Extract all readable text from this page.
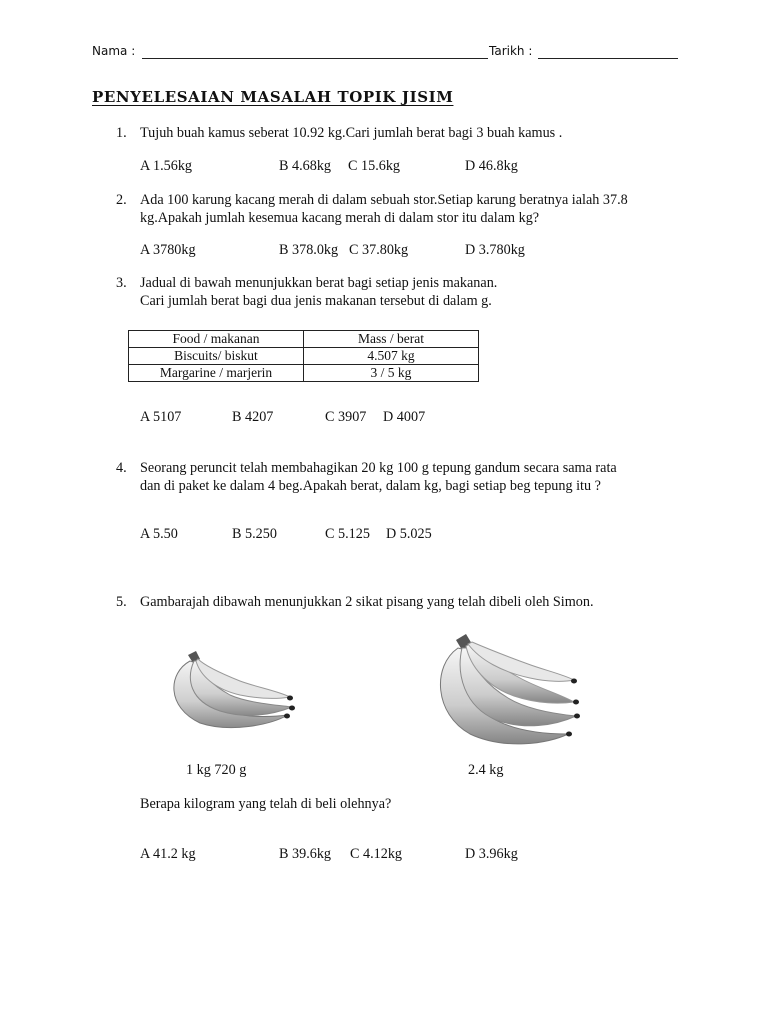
Nama :	Tarikh :
PENYELESAIAN MASALAH TOPIK JISIM
1. Tujuh buah kamus seberat 10.92 kg.Cari jumlah berat bagi 3 buah kamus .
A 1.56kg	B 4.68kg C 15.6kg	D 46.8kg
2. Ada 100 karung kacang merah di dalam sebuah stor.Setiap karung beratnya ialah 37.8
kg.Apakah jumlah kesemua kacang merah di dalam stor itu dalam kg?
A 3780kg	B 378.0kg C 37.80kg	D 3.780kg
3. Jadual di bawah menunjukkan berat bagi setiap jenis makanan.
Cari jumlah berat bagi dua jenis makanan tersebut di dalam g.
Food / makanan	Mass / berat
Biscuits/ biskut	4.507 kg
Margarine / marjerin	3 / 5 kg
A 5107	B 4207	C 3907 D 4007
4. Seorang peruncit telah membahagikan 20 kg 100 g tepung gandum secara sama rata
dan di paket ke dalam 4 beg.Apakah berat, dalam kg, bagi setiap beg tepung itu ?
A 5.50	B 5.250	C 5.125 D 5.025
5. Gambarajah dibawah menunjukkan 2 sikat pisang yang telah dibeli oleh Simon.
1 kg 720 g	2.4 kg
Berapa kilogram yang telah di beli olehnya?
A 41.2 kg	B 39.6kg C 4.12kg	D 3.96kg
